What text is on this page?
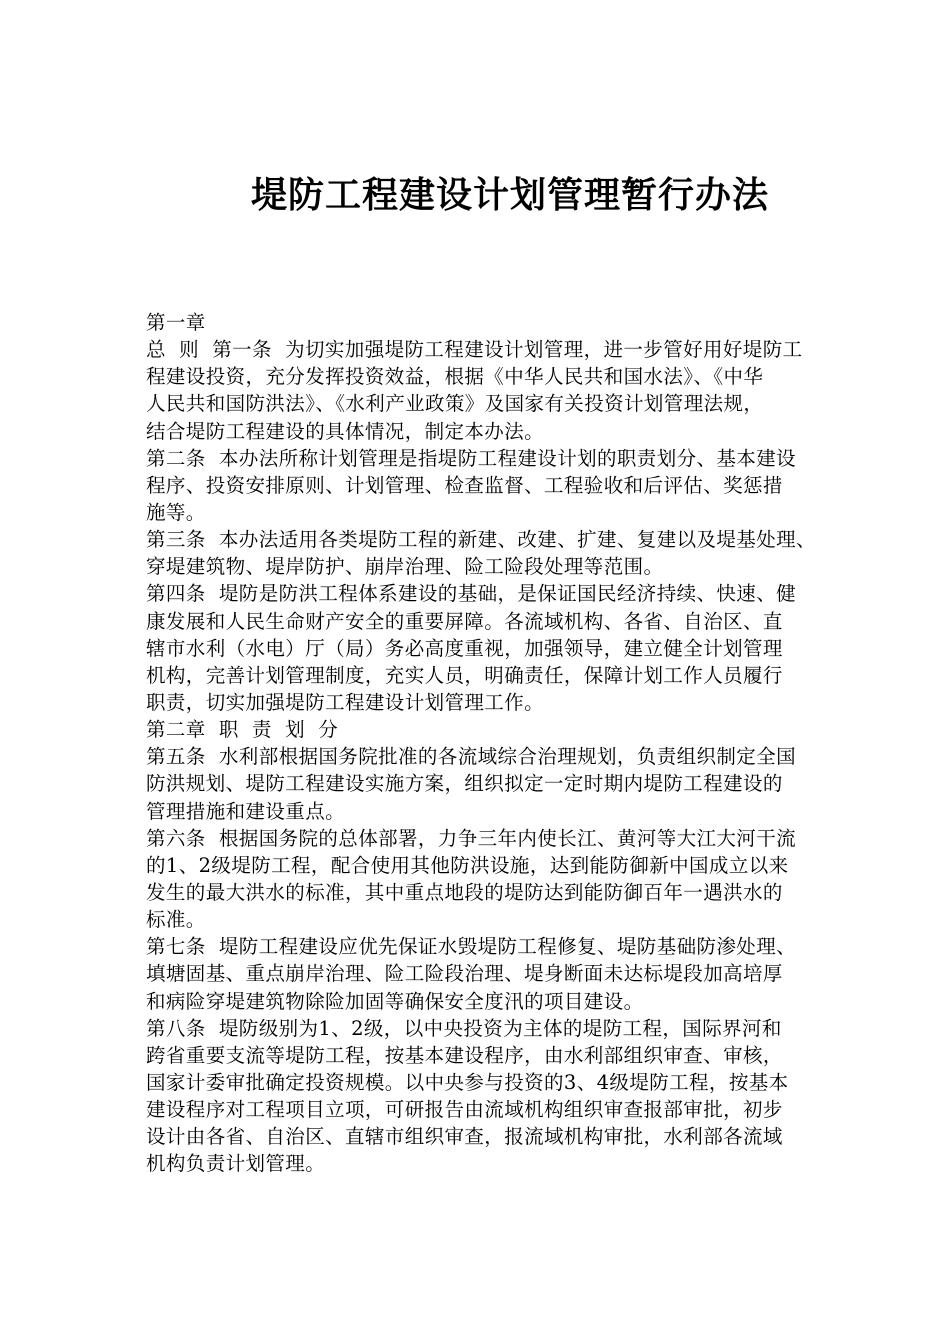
堤防工程建设计划管理暂行办法
第一章
总  则  第一条  为切实加强堤防工程建设计划管理，进一步管好用好堤防工
程建设投资，充分发挥投资效益，根据《中华人民共和国水法》、《中华
人民共和国防洪法》、《水利产业政策》及国家有关投资计划管理法规，
结合堤防工程建设的具体情况，制定本办法。
第二条  本办法所称计划管理是指堤防工程建设计划的职责划分、基本建设
程序、投资安排原则、计划管理、检查监督、工程验收和后评估、奖惩措
施等。
第三条  本办法适用各类堤防工程的新建、改建、扩建、复建以及堤基处理、
穿堤建筑物、堤岸防护、崩岸治理、险工险段处理等范围。
第四条  堤防是防洪工程体系建设的基础，是保证国民经济持续、快速、健
康发展和人民生命财产安全的重要屏障。各流域机构、各省、自治区、直
辖市水利（水电）厅（局）务必高度重视，加强领导，建立健全计划管理
机构，完善计划管理制度，充实人员，明确责任，保障计划工作人员履行
职责，切实加强堤防工程建设计划管理工作。
第二章  职  责  划  分
第五条  水利部根据国务院批准的各流域综合治理规划，负责组织制定全国
防洪规划、堤防工程建设实施方案，组织拟定一定时期内堤防工程建设的
管理措施和建设重点。
第六条  根据国务院的总体部署，力争三年内使长江、黄河等大江大河干流
的1、2级堤防工程，配合使用其他防洪设施，达到能防御新中国成立以来
发生的最大洪水的标准，其中重点地段的堤防达到能防御百年一遇洪水的
标准。
第七条  堤防工程建设应优先保证水毁堤防工程修复、堤防基础防渗处理、
填塘固基、重点崩岸治理、险工险段治理、堤身断面未达标堤段加高培厚
和病险穿堤建筑物除险加固等确保安全度汛的项目建设。
第八条  堤防级别为1、2级，以中央投资为主体的堤防工程，国际界河和
跨省重要支流等堤防工程，按基本建设程序，由水利部组织审查、审核，
国家计委审批确定投资规模。以中央参与投资的3、4级堤防工程，按基本
建设程序对工程项目立项，可研报告由流域机构组织审查报部审批，初步
设计由各省、自治区、直辖市组织审查，报流域机构审批，水利部各流域
机构负责计划管理。
